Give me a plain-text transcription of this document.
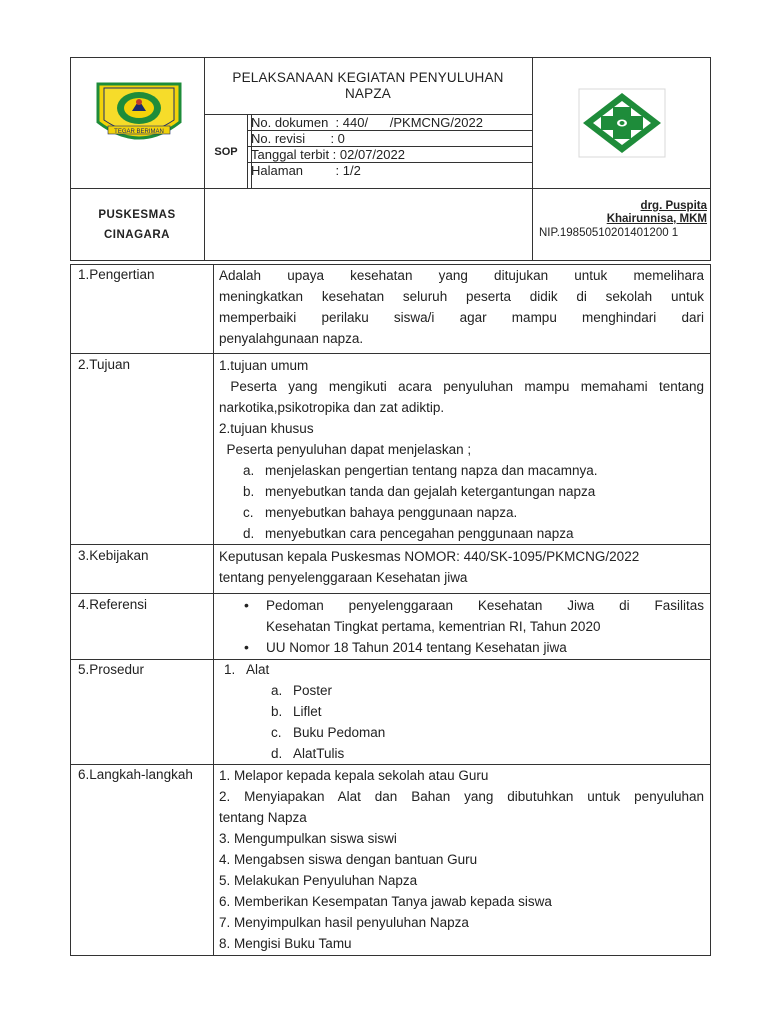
TEGAR BERIMAN
PELAKSANAAN KEGIATAN PENYULUHAN
NAPZA
SOP
No. dokumen  : 440/      /PKMCNG/2022
No. revisi       : 0
Tanggal terbit : 02/07/2022
Halaman         : 1/2
PUSKESMAS
CINAGARA
drg. Puspita
Khairunnisa, MKM
NIP.19850510201401200 1
1.Pengertian	Adalah upaya kesehatan yang ditujukan untuk memelihara
meningkatkan kesehatan seluruh peserta didik di sekolah untuk
memperbaiki perilaku siswa/i agar mampu menghindari dari
penyalahgunaan napza.
2.Tujuan	1.tujuan umum
Peserta yang mengikuti acara penyuluhan mampu memahami tentang
narkotika,psikotropika dan zat adiktip.
2.tujuan khusus
Peserta penyuluhan dapat menjelaskan ;
a. menjelaskan pengertian tentang napza dan macamnya.
b. menyebutkan tanda dan gejalah ketergantungan napza
c. menyebutkan bahaya penggunaan napza.
d. menyebutkan cara pencegahan penggunaan napza
3.Kebijakan	Keputusan kepala Puskesmas NOMOR: 440/SK-1095/PKMCNG/2022
tentang penyelenggaraan Kesehatan jiwa
4.Referensi
•	Pedoman penyelenggaraan Kesehatan Jiwa di Fasilitas
Kesehatan Tingkat pertama, kementrian RI, Tahun 2020
• UU Nomor 18 Tahun 2014 tentang Kesehatan jiwa
5.Prosedur	1. Alat
a. Poster
b. Liflet
c. Buku Pedoman
d. AlatTulis
6.Langkah-langkah 1. Melapor kepada kepala sekolah atau Guru
2. Menyiapakan Alat dan Bahan yang dibutuhkan untuk penyuluhan
tentang Napza
3. Mengumpulkan siswa siswi
4. Mengabsen siswa dengan bantuan Guru
5. Melakukan Penyuluhan Napza
6. Memberikan Kesempatan Tanya jawab kepada siswa
7. Menyimpulkan hasil penyuluhan Napza
8. Mengisi Buku Tamu
